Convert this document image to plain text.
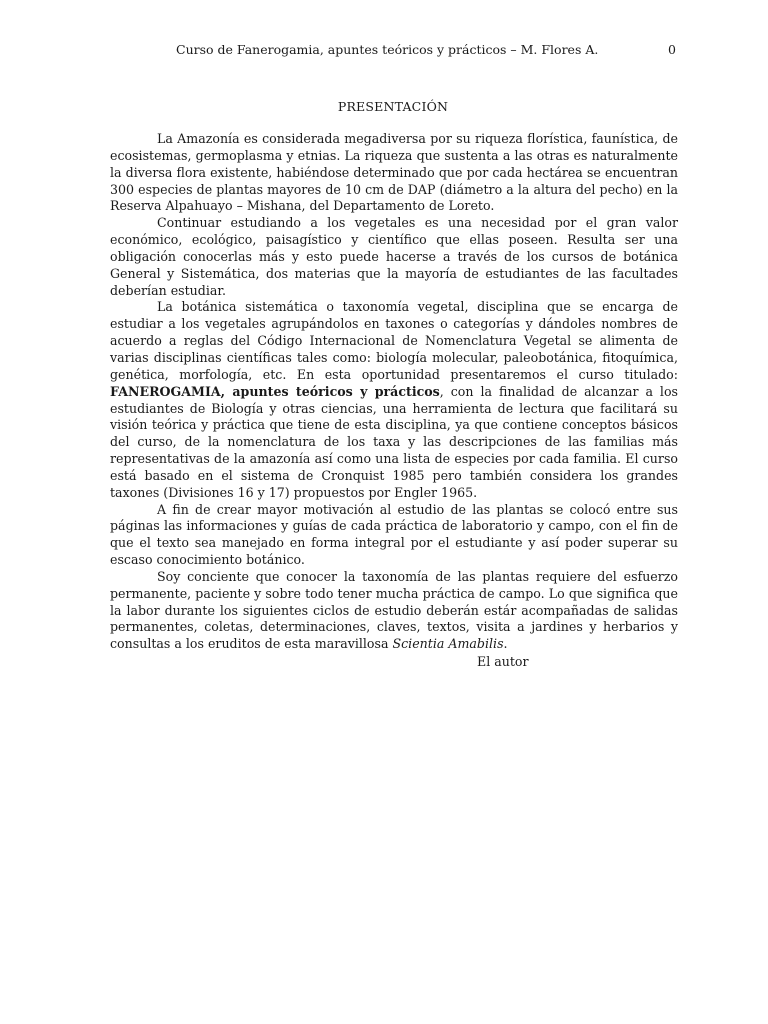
Curso de Fanerogamia, apuntes teóricos y prácticos – M. Flores A.	0
PRESENTACIÓN

La Amazonía es considerada megadiversa por su riqueza florística, faunística, de ecosistemas, germoplasma y etnias. La riqueza que sustenta a las otras es naturalmente la diversa flora existente, habiéndose determinado que por cada hectárea se encuentran 300 especies de plantas mayores de 10 cm de DAP (diámetro a la altura del pecho) en la Reserva Alpahuayo – Mishana, del Departamento de Loreto.

Continuar estudiando a los vegetales es una necesidad por el gran valor económico, ecológico, paisagístico y científico que ellas poseen. Resulta ser una obligación conocerlas más y esto puede hacerse a través de los cursos de botánica General y Sistemática, dos materias que la mayoría de estudiantes de las facultades deberían estudiar.

La botánica sistemática o taxonomía vegetal, disciplina que se encarga de estudiar a los vegetales agrupándolos en taxones o categorías y dándoles nombres de acuerdo a reglas del Código Internacional de Nomenclatura Vegetal se alimenta de varias disciplinas científicas tales como: biología molecular, paleobotánica, fitoquímica, genética, morfología, etc. En esta oportunidad presentaremos el curso titulado: FANEROGAMIA, apuntes teóricos y prácticos, con la finalidad de alcanzar a los estudiantes de Biología y otras ciencias, una herramienta de lectura que facilitará su visión teórica y práctica que tiene de esta disciplina, ya que contiene conceptos básicos del curso, de la nomenclatura de los taxa y las descripciones de las familias más representativas de la amazonía así como una lista de especies por cada familia. El curso está basado en el sistema de Cronquist 1985 pero también considera los grandes taxones (Divisiones 16 y 17) propuestos por Engler 1965.

A fin de crear mayor motivación al estudio de las plantas se colocó entre sus páginas las informaciones y guías de cada práctica de laboratorio y campo, con el fin de que el texto sea manejado en forma integral por el estudiante y así poder superar su escaso conocimiento botánico.

Soy conciente que conocer la taxonomía de las plantas requiere del esfuerzo permanente, paciente y sobre todo tener mucha práctica de campo. Lo que significa que la labor durante los siguientes ciclos de estudio deberán estár acompañadas de salidas permanentes, coletas, determinaciones, claves, textos, visita a jardines y herbarios y consultas a los eruditos de esta maravillosa Scientia Amabilis.

El autor
